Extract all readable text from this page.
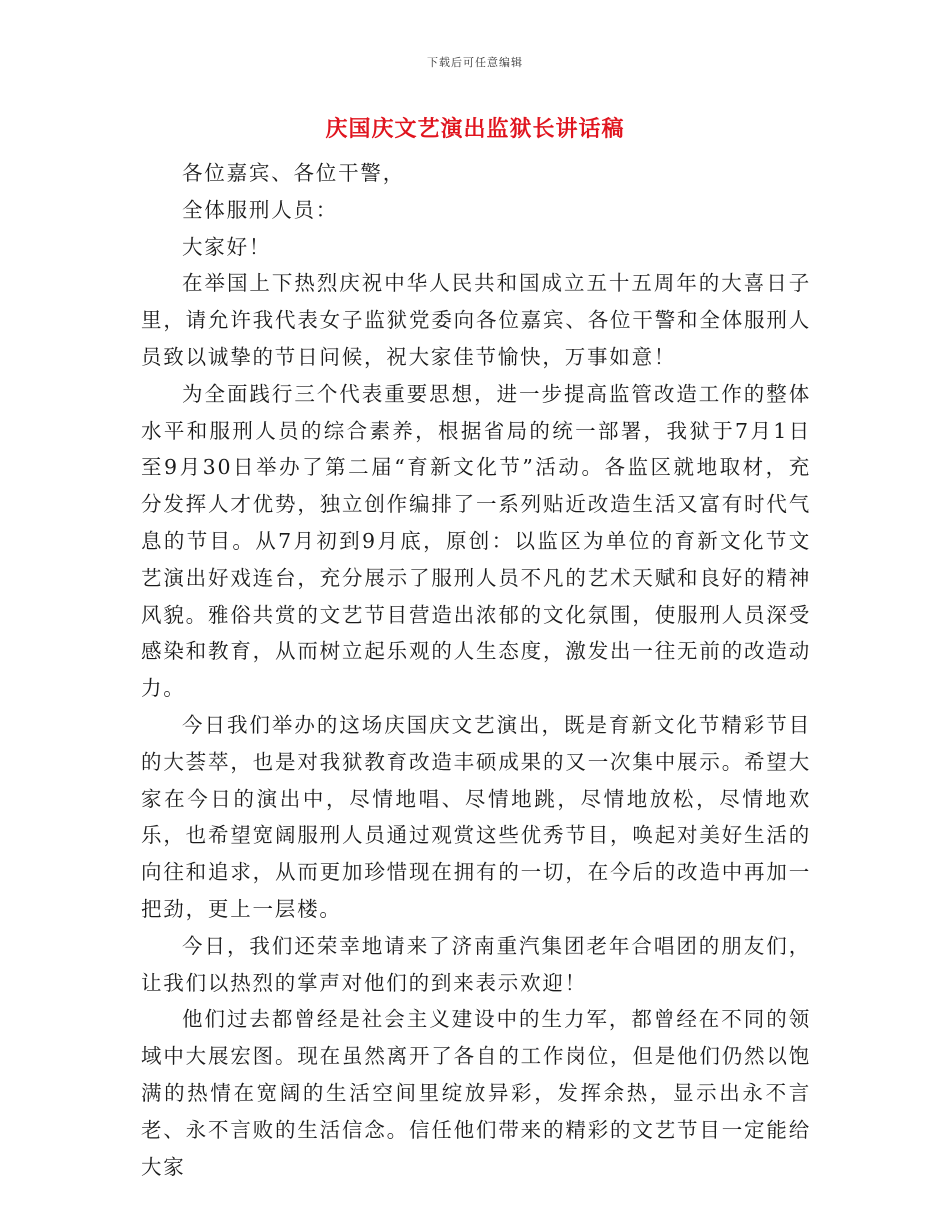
下载后可任意编辑
庆国庆文艺演出监狱长讲话稿

各位嘉宾、各位干警，

全体服刑人员：

大家好！

在举国上下热烈庆祝中华人民共和国成立五十五周年的大喜日子里，请允许我代表女子监狱党委向各位嘉宾、各位干警和全体服刑人员致以诚挚的节日问候，祝大家佳节愉快，万事如意！

为全面践行三个代表重要思想，进一步提高监管改造工作的整体水平和服刑人员的综合素养，根据省局的统一部署，我狱于7月1日至9月30日举办了第二届“育新文化节”活动。各监区就地取材，充分发挥人才优势，独立创作编排了一系列贴近改造生活又富有时代气息的节目。从7月初到9月底，原创：以监区为单位的育新文化节文艺演出好戏连台，充分展示了服刑人员不凡的艺术天赋和良好的精神风貌。雅俗共赏的文艺节目营造出浓郁的文化氛围，使服刑人员深受感染和教育，从而树立起乐观的人生态度，激发出一往无前的改造动力。

今日我们举办的这场庆国庆文艺演出，既是育新文化节精彩节目的大荟萃，也是对我狱教育改造丰硕成果的又一次集中展示。希望大家在今日的演出中，尽情地唱、尽情地跳，尽情地放松，尽情地欢乐，也希望宽阔服刑人员通过观赏这些优秀节目，唤起对美好生活的向往和追求，从而更加珍惜现在拥有的一切，在今后的改造中再加一把劲，更上一层楼。

今日，我们还荣幸地请来了济南重汽集团老年合唱团的朋友们，让我们以热烈的掌声对他们的到来表示欢迎！

他们过去都曾经是社会主义建设中的生力军，都曾经在不同的领域中大展宏图。现在虽然离开了各自的工作岗位，但是他们仍然以饱满的热情在宽阔的生活空间里绽放异彩，发挥余热，显示出永不言老、永不言败的生活信念。信任他们带来的精彩的文艺节目一定能给大家
